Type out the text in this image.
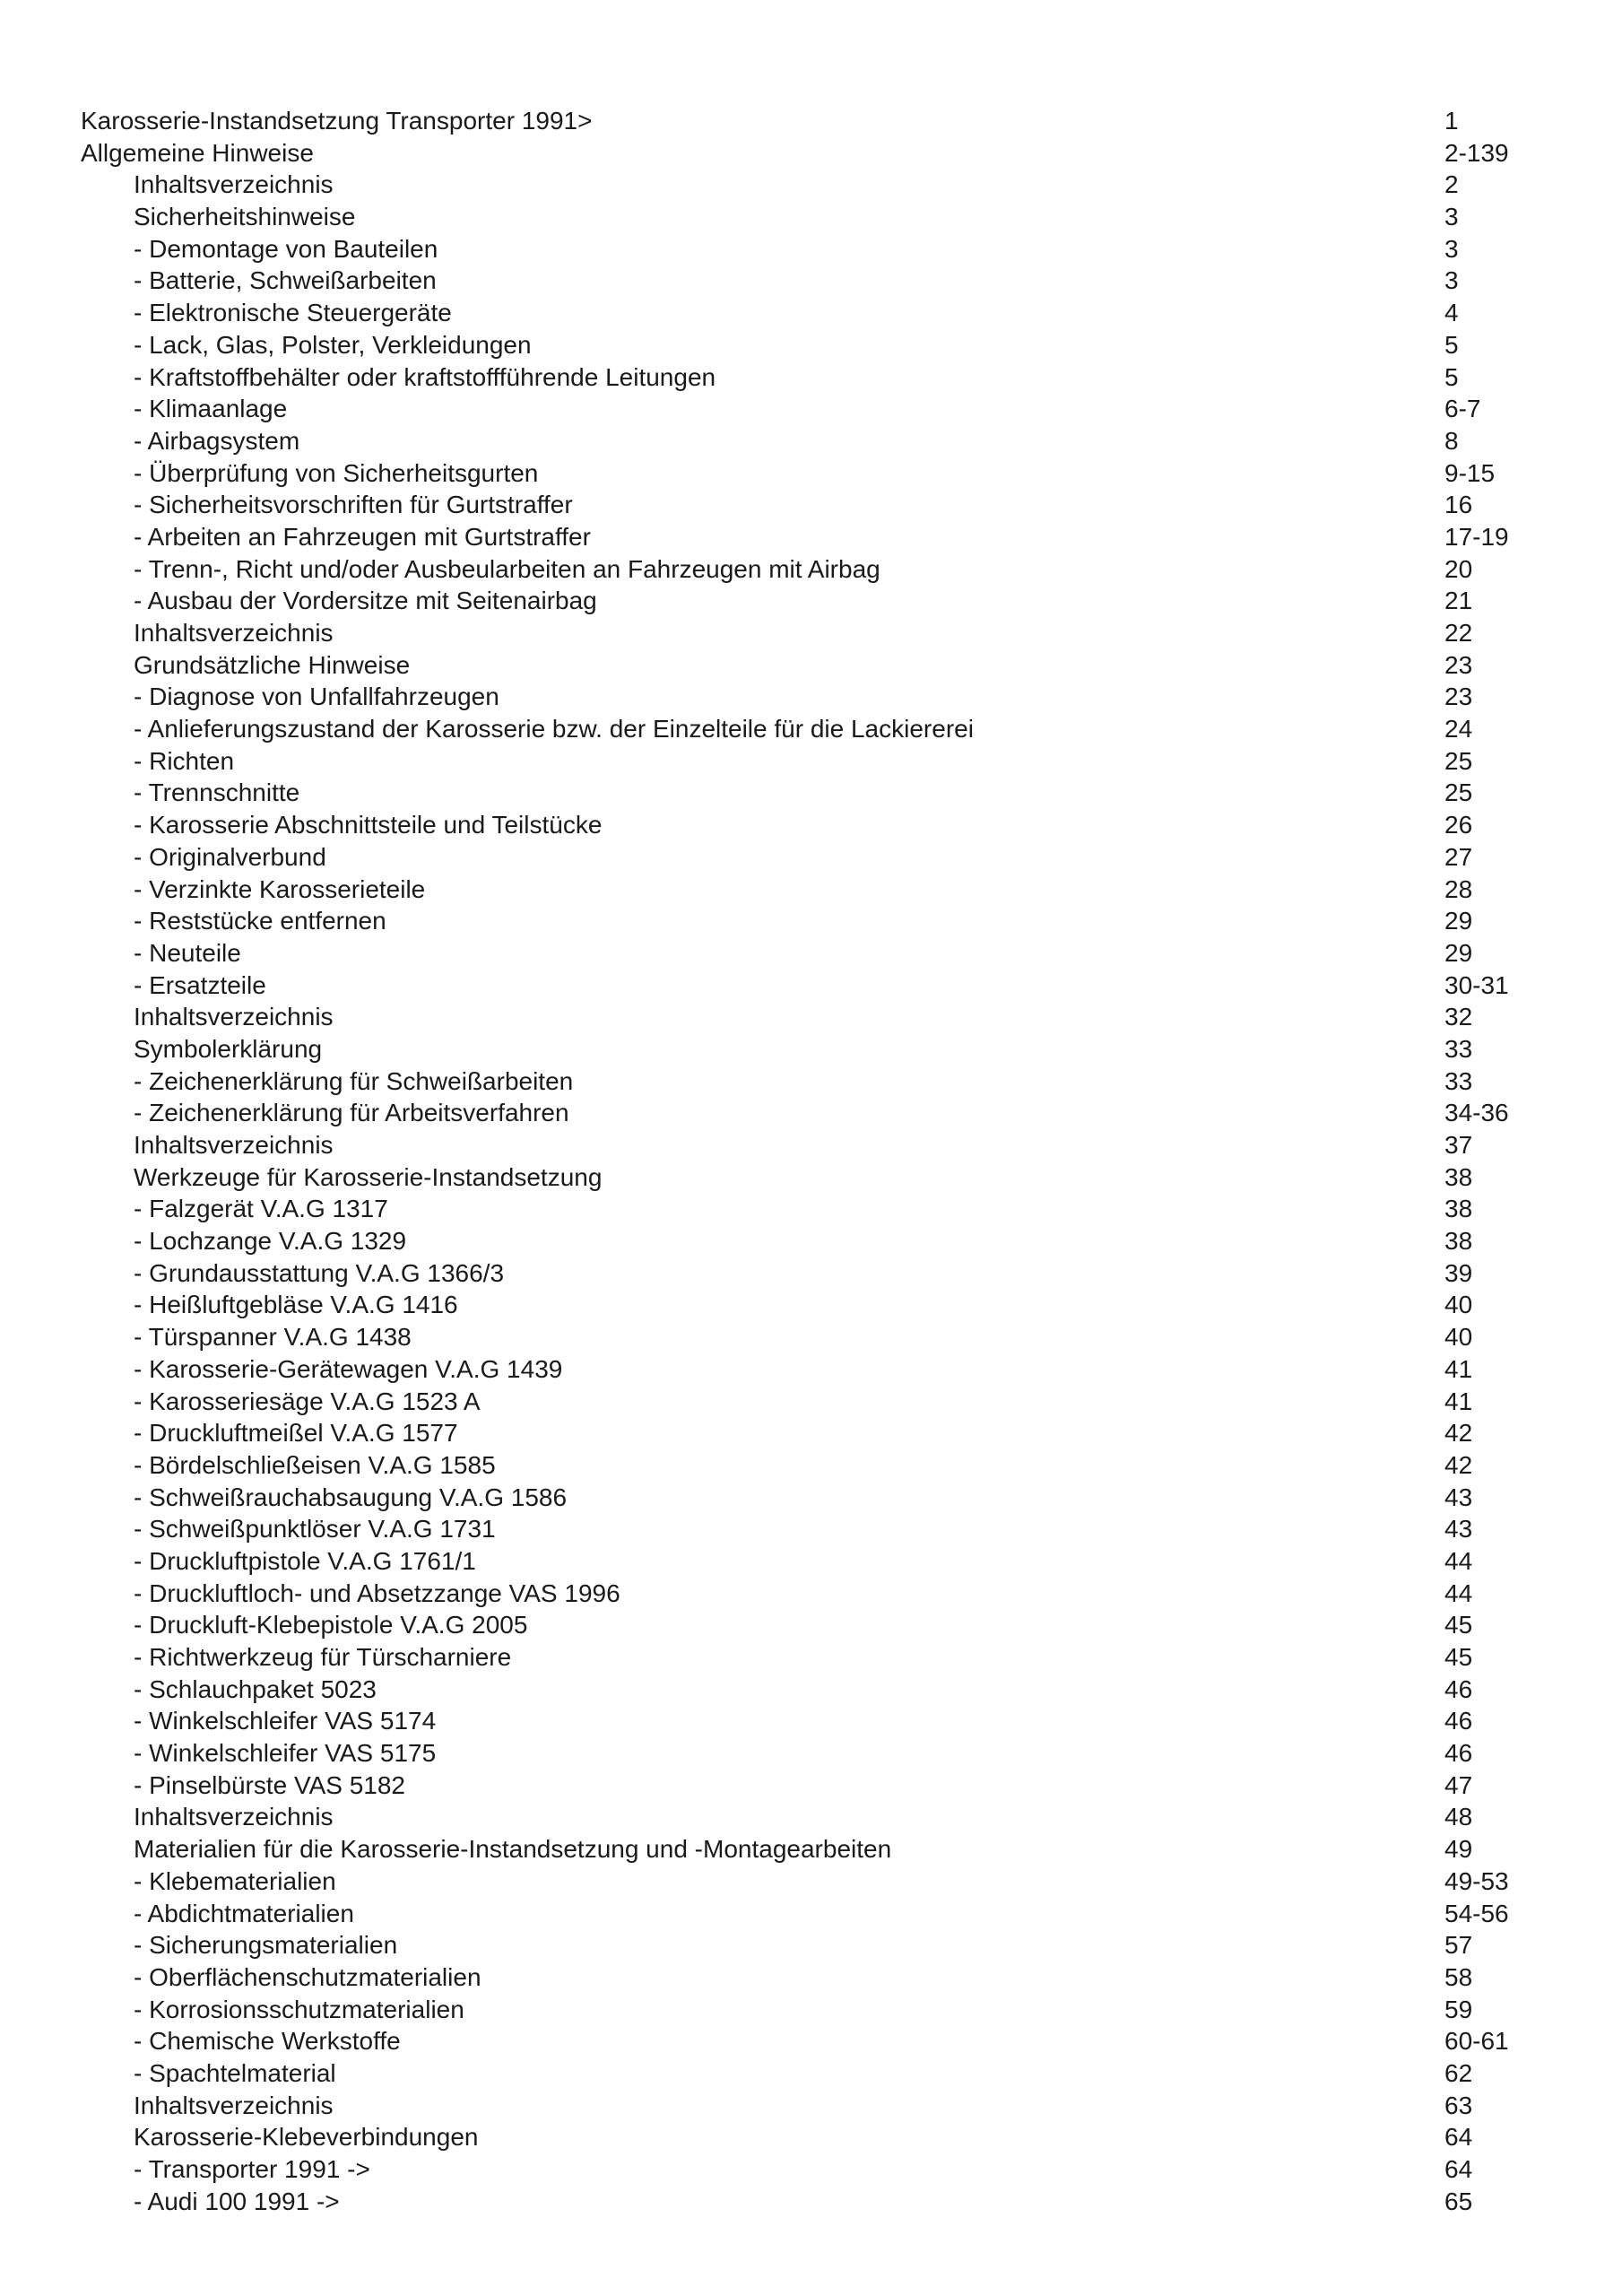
Karosserie-Instandsetzung Transporter 1991>	1
Allgemeine Hinweise	2-139
Inhaltsverzeichnis	2
Sicherheitshinweise	3
- Demontage von Bauteilen	3
- Batterie, Schweißarbeiten	3
- Elektronische Steuergeräte	4
- Lack, Glas, Polster, Verkleidungen	5
- Kraftstoffbehälter oder kraftstoffführende Leitungen	5
- Klimaanlage	6-7
- Airbagsystem	8
- Überprüfung von Sicherheitsgurten	9-15
- Sicherheitsvorschriften für Gurtstraffer	16
- Arbeiten an Fahrzeugen mit Gurtstraffer	17-19
- Trenn-, Richt und/oder Ausbeularbeiten an Fahrzeugen mit Airbag	20
- Ausbau der Vordersitze mit Seitenairbag	21
Inhaltsverzeichnis	22
Grundsätzliche Hinweise	23
- Diagnose von Unfallfahrzeugen	23
- Anlieferungszustand der Karosserie bzw. der Einzelteile für die Lackiererei	24
- Richten	25
- Trennschnitte	25
- Karosserie Abschnittsteile und Teilstücke	26
- Originalverbund	27
- Verzinkte Karosserieteile	28
- Reststücke entfernen	29
- Neuteile	29
- Ersatzteile	30-31
Inhaltsverzeichnis	32
Symbolerklärung	33
- Zeichenerklärung für Schweißarbeiten	33
- Zeichenerklärung für Arbeitsverfahren	34-36
Inhaltsverzeichnis	37
Werkzeuge für Karosserie-Instandsetzung	38
- Falzgerät V.A.G 1317	38
- Lochzange V.A.G 1329	38
- Grundausstattung V.A.G 1366/3	39
- Heißluftgebläse V.A.G 1416	40
- Türspanner V.A.G 1438	40
- Karosserie-Gerätewagen V.A.G 1439	41
- Karosseriesäge V.A.G 1523 A	41
- Druckluftmeißel V.A.G 1577	42
- Bördelschließeisen V.A.G 1585	42
- Schweißrauchabsaugung V.A.G 1586	43
- Schweißpunktlöser V.A.G 1731	43
- Druckluftpistole V.A.G 1761/1	44
- Druckluftloch- und Absetzzange VAS 1996	44
- Druckluft-Klebepistole V.A.G 2005	45
- Richtwerkzeug für Türscharniere	45
- Schlauchpaket 5023	46
- Winkelschleifer VAS 5174	46
- Winkelschleifer VAS 5175	46
- Pinselbürste VAS 5182	47
Inhaltsverzeichnis	48
Materialien für die Karosserie-Instandsetzung und -Montagearbeiten	49
- Klebematerialien	49-53
- Abdichtmaterialien	54-56
- Sicherungsmaterialien	57
- Oberflächenschutzmaterialien	58
- Korrosionsschutzmaterialien	59
- Chemische Werkstoffe	60-61
- Spachtelmaterial	62
Inhaltsverzeichnis	63
Karosserie-Klebeverbindungen	64
- Transporter 1991 ->	64
- Audi 100 1991 ->	65
